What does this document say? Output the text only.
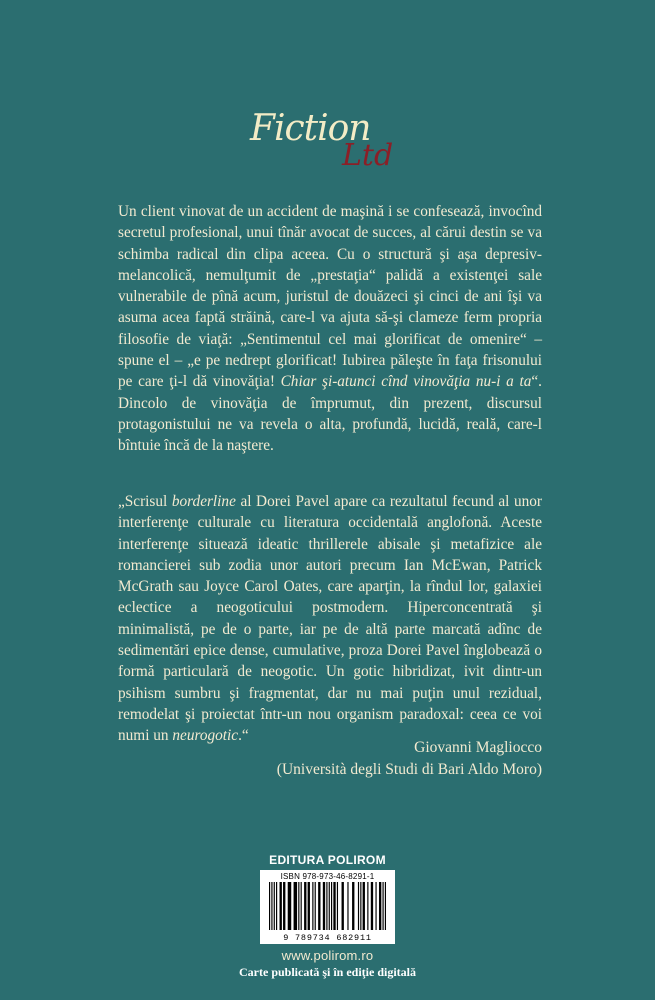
Fiction
Ltd

Un client vinovat de un accident de maşină i se confesează, invocînd secretul profesional, unui tînăr avocat de succes, al cărui destin se va schimba radical din clipa aceea. Cu o structură şi aşa depresiv-melancolică, nemulţumit de „prestaţia“ palidă a existenţei sale vulnerabile de pînă acum, juristul de douăzeci şi cinci de ani îşi va asuma acea faptă străină, care-l va ajuta să-şi clameze ferm propria filosofie de viaţă: „Sentimentul cel mai glorificat de omenire“ – spune el – „e pe nedrept glorificat! Iubirea păleşte în faţa frisonului pe care ţi-l dă vinovăţia! Chiar şi-atunci cînd vinovăţia nu-i a ta“. Dincolo de vinovăţia de împrumut, din prezent, discursul protagonistului ne va revela o alta, profundă, lucidă, reală, care-l bîntuie încă de la naştere.

„Scrisul borderline al Dorei Pavel apare ca rezultatul fecund al unor interferenţe culturale cu literatura occidentală anglofonă. Aceste interferenţe situează ideatic thrillerele abisale şi metafizice ale romancierei sub zodia unor autori precum Ian McEwan, Patrick McGrath sau Joyce Carol Oates, care aparţin, la rîndul lor, galaxiei eclectice a neogoticului postmodern. Hiperconcentrată şi minimalistă, pe de o parte, iar pe de altă parte marcată adînc de sedimentări epice dense, cumulative, proza Dorei Pavel înglobează o formă particulară de neogotic. Un gotic hibridizat, ivit dintr-un psihism sumbru şi fragmentat, dar nu mai puţin unul rezidual, remodelat şi proiectat într-un nou organism paradoxal: ceea ce voi numi un neurogotic.“

Giovanni Magliocco
(Università degli Studi di Bari Aldo Moro)
EDITURA POLIROM
ISBN 978-973-46-8291-1
9 789734 682911
www.polirom.ro
Carte publicată şi în ediţie digitală
